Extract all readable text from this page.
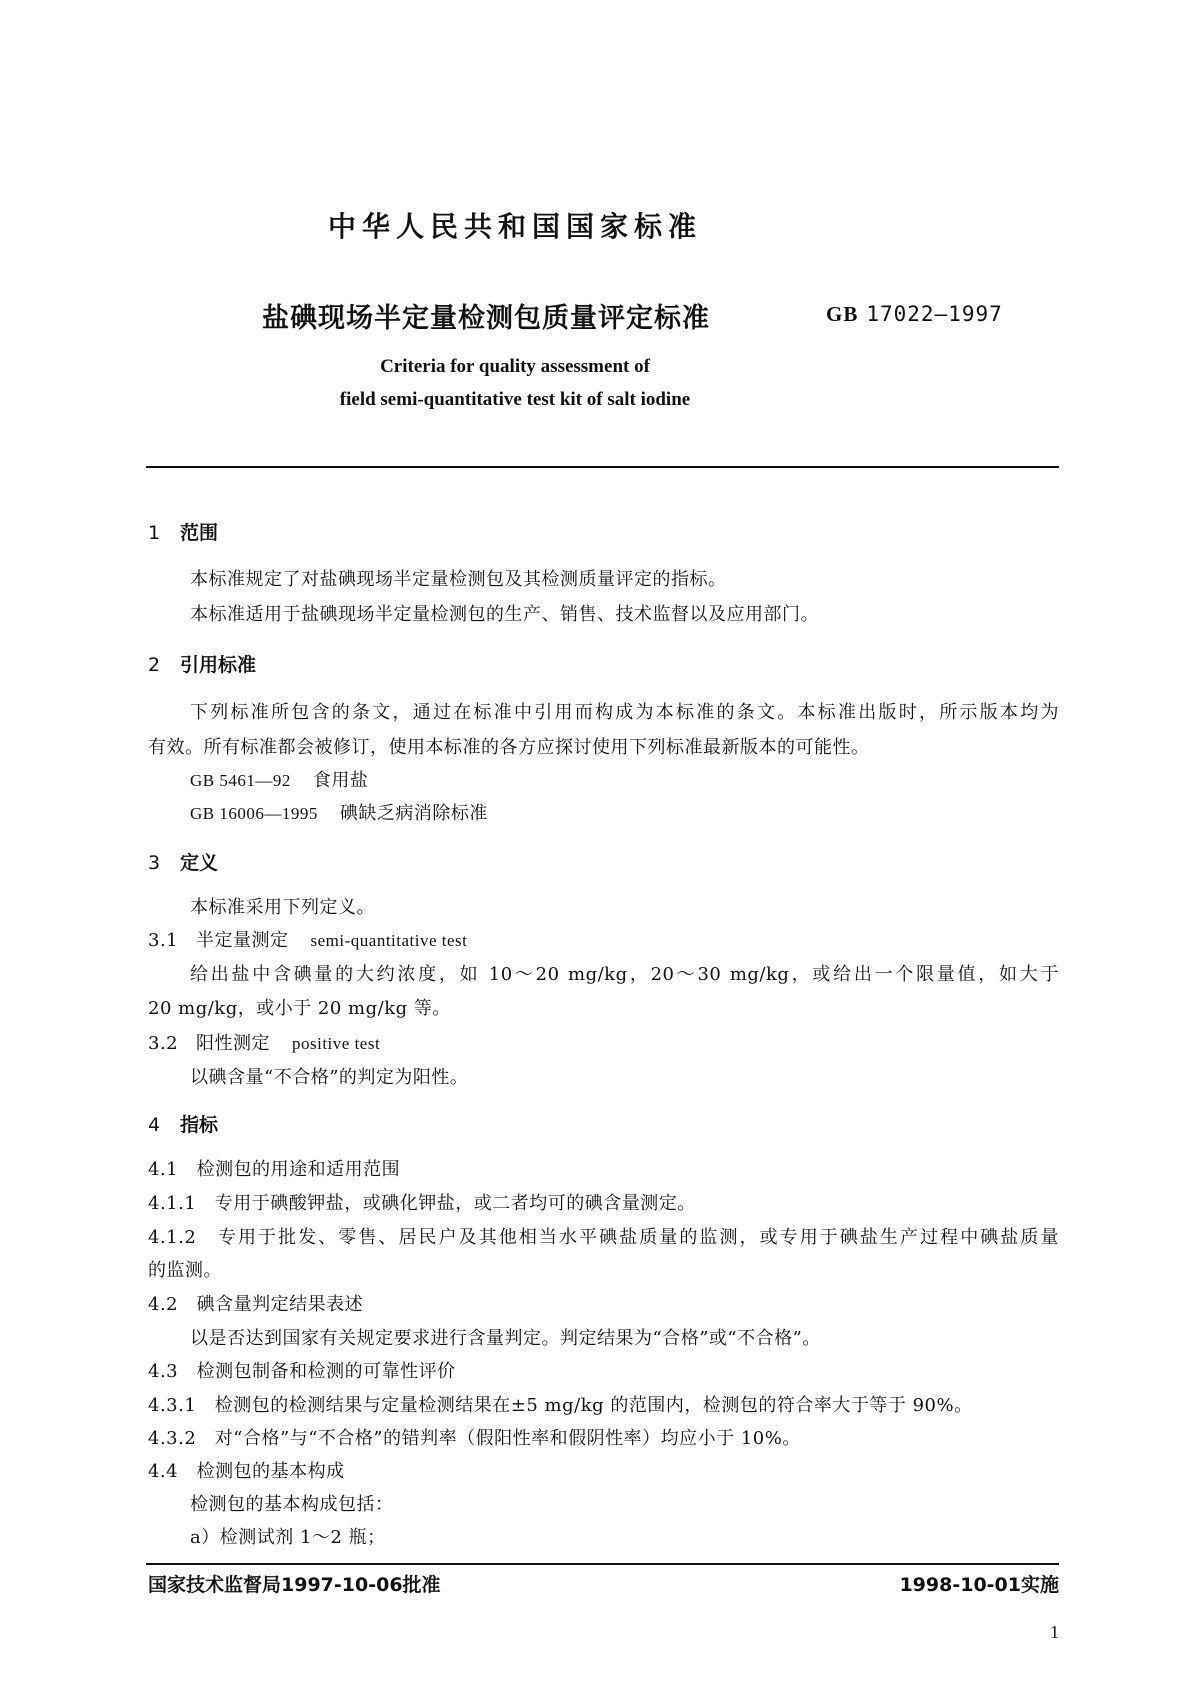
中华人民共和国国家标准
盐碘现场半定量检测包质量评定标准	GB 17022—1997
Criteria for quality assessment of
field semi-quantitative test kit of salt iodine
1 范围
本标准规定了对盐碘现场半定量检测包及其检测质量评定的指标。
本标准适用于盐碘现场半定量检测包的生产、销售、技术监督以及应用部门。
2 引用标准
下列标准所包含的条文，通过在标准中引用而构成为本标准的条文。本标准出版时，所示版本均为
有效。所有标准都会被修订，使用本标准的各方应探讨使用下列标准最新版本的可能性。
GB 5461—92 食用盐
GB 16006—1995 碘缺乏病消除标准
3 定义
本标准采用下列定义。
3.1 半定量测定 semi-quantitative test
给出盐中含碘量的大约浓度，如 10～20 mg/kg，20～30 mg/kg，或给出一个限量值，如大于
20 mg/kg，或小于 20 mg/kg 等。
3.2 阳性测定 positive test
以碘含量“不合格”的判定为阳性。
4 指标
4.1　检测包的用途和适用范围
4.1.1　专用于碘酸钾盐，或碘化钾盐，或二者均可的碘含量测定。
4.1.2　专用于批发、零售、居民户及其他相当水平碘盐质量的监测，或专用于碘盐生产过程中碘盐质量
的监测。
4.2　碘含量判定结果表述
以是否达到国家有关规定要求进行含量判定。判定结果为“合格”或“不合格”。
4.3　检测包制备和检测的可靠性评价
4.3.1　检测包的检测结果与定量检测结果在±5 mg/kg 的范围内，检测包的符合率大于等于 90%。
4.3.2　对“合格”与“不合格”的错判率（假阳性率和假阴性率）均应小于 10%。
4.4　检测包的基本构成
检测包的基本构成包括：
a）检测试剂 1～2 瓶；
国家技术监督局1997-10-06批准	1998-10-01实施
1
